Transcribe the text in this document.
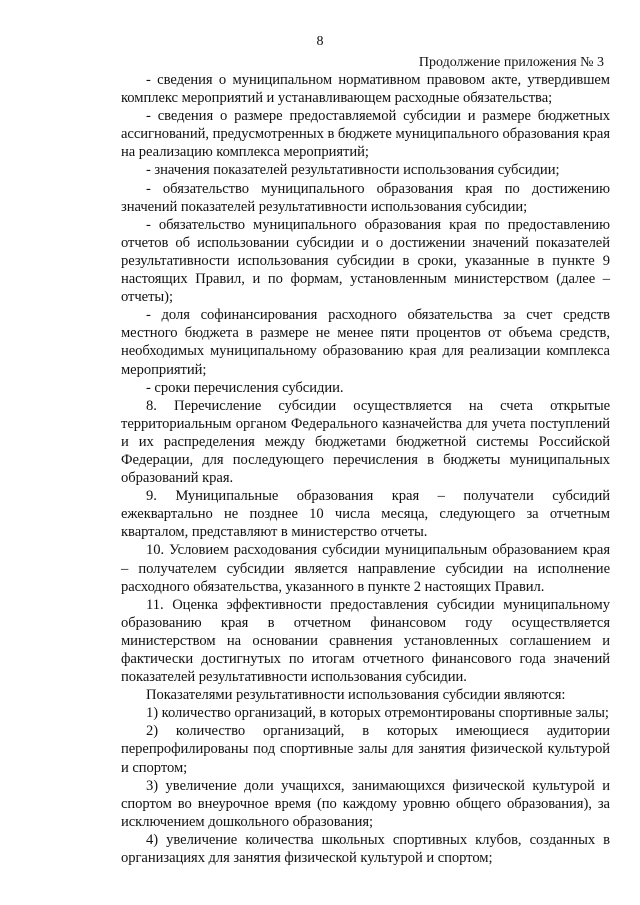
8
Продолжение приложения № 3

- сведения о муниципальном нормативном правовом акте, утвердившем комплекс мероприятий и устанавливающем расходные обязательства;

- сведения о размере предоставляемой субсидии и размере бюджетных ассигнований, предусмотренных в бюджете муниципального образования края на реализацию комплекса мероприятий;

- значения показателей результативности использования субсидии;

- обязательство муниципального образования края по достижению значений показателей результативности использования субсидии;

- обязательство муниципального образования края по предоставлению отчетов об использовании субсидии и о достижении значений показателей результативности использования субсидии в сроки, указанные в пункте 9 настоящих Правил, и по формам, установленным министерством (далее – отчеты);

- доля софинансирования расходного обязательства за счет средств местного бюджета в размере не менее пяти процентов от объема средств, необходимых муниципальному образованию края для реализации комплекса мероприятий;

- сроки перечисления субсидии.

8. Перечисление субсидии осуществляется на счета открытые территориальным органом Федерального казначейства для учета поступлений и их распределения между бюджетами бюджетной системы Российской Федерации, для последующего перечисления в бюджеты муниципальных образований края.

9. Муниципальные образования края – получатели субсидий ежеквартально не позднее 10 числа месяца, следующего за отчетным кварталом, представляют в министерство отчеты.

10. Условием расходования субсидии муниципальным образованием края – получателем субсидии является направление субсидии на исполнение расходного обязательства, указанного в пункте 2 настоящих Правил.

11. Оценка эффективности предоставления субсидии муниципальному образованию края в отчетном финансовом году осуществляется министерством на основании сравнения установленных соглашением и фактически достигнутых по итогам отчетного финансового года значений показателей результативности использования субсидии.

Показателями результативности использования субсидии являются:

1) количество организаций, в которых отремонтированы спортивные залы;

2) количество организаций, в которых имеющиеся аудитории перепрофилированы под спортивные залы для занятия физической культурой и спортом;

3) увеличение доли учащихся, занимающихся физической культурой и спортом во внеурочное время (по каждому уровню общего образования), за исключением дошкольного образования;

4) увеличение количества школьных спортивных клубов, созданных в организациях для занятия физической культурой и спортом;
